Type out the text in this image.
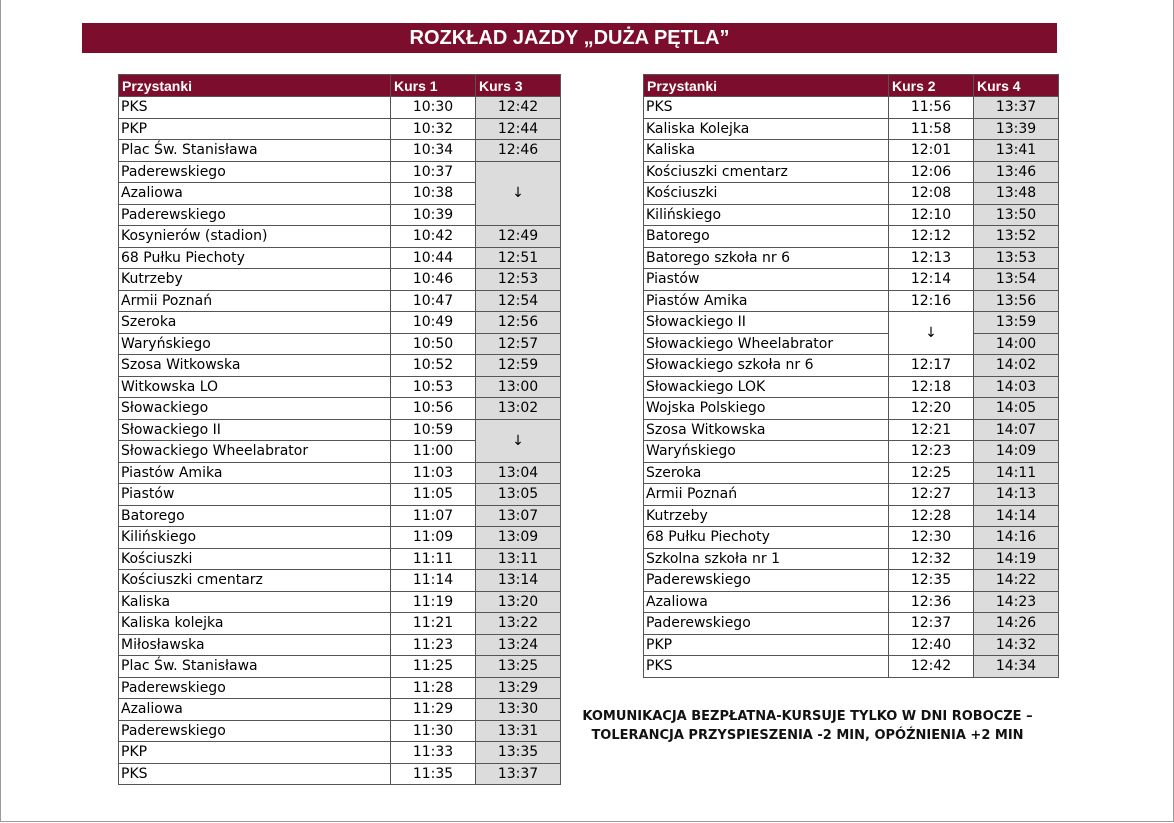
ROZKŁAD JAZDY „DUŻA PĘTLA”
Przystanki	Kurs 1	Kurs 3
PKS	10:30	12:42
PKP	10:32	12:44
Plac Św. Stanisława	10:34	12:46
Paderewskiego	10:37	↓
Azaliowa	10:38	
Paderewskiego	10:39	
Kosynierów (stadion)	10:42	12:49
68 Pułku Piechoty	10:44	12:51
Kutrzeby	10:46	12:53
Armii Poznań	10:47	12:54
Szeroka	10:49	12:56
Waryńskiego	10:50	12:57
Szosa Witkowska	10:52	12:59
Witkowska LO	10:53	13:00
Słowackiego	10:56	13:02
Słowackiego II	10:59	↓
Słowackiego Wheelabrator	11:00	
Piastów Amika	11:03	13:04
Piastów	11:05	13:05
Batorego	11:07	13:07
Kilińskiego	11:09	13:09
Kościuszki	11:11	13:11
Kościuszki cmentarz	11:14	13:14
Kaliska	11:19	13:20
Kaliska kolejka	11:21	13:22
Miłosławska	11:23	13:24
Plac Św. Stanisława	11:25	13:25
Paderewskiego	11:28	13:29
Azaliowa	11:29	13:30
Paderewskiego	11:30	13:31
PKP	11:33	13:35
PKS	11:35	13:37
Przystanki	Kurs 2	Kurs 4
PKS	11:56	13:37
Kaliska Kolejka	11:58	13:39
Kaliska	12:01	13:41
Kościuszki cmentarz	12:06	13:46
Kościuszki	12:08	13:48
Kilińskiego	12:10	13:50
Batorego	12:12	13:52
Batorego szkoła nr 6	12:13	13:53
Piastów	12:14	13:54
Piastów Amika	12:16	13:56
Słowackiego II	↓	13:59
Słowackiego Wheelabrator		14:00
Słowackiego szkoła nr 6	12:17	14:02
Słowackiego LOK	12:18	14:03
Wojska Polskiego	12:20	14:05
Szosa Witkowska	12:21	14:07
Waryńskiego	12:23	14:09
Szeroka	12:25	14:11
Armii Poznań	12:27	14:13
Kutrzeby	12:28	14:14
68 Pułku Piechoty	12:30	14:16
Szkolna szkoła nr 1	12:32	14:19
Paderewskiego	12:35	14:22
Azaliowa	12:36	14:23
Paderewskiego	12:37	14:26
PKP	12:40	14:32
PKS	12:42	14:34
KOMUNIKACJA BEZPŁATNA-KURSUJE TYLKO W DNI ROBOCZE –
TOLERANCJA PRZYSPIESZENIA -2 MIN, OPÓŹNIENIA +2 MIN
